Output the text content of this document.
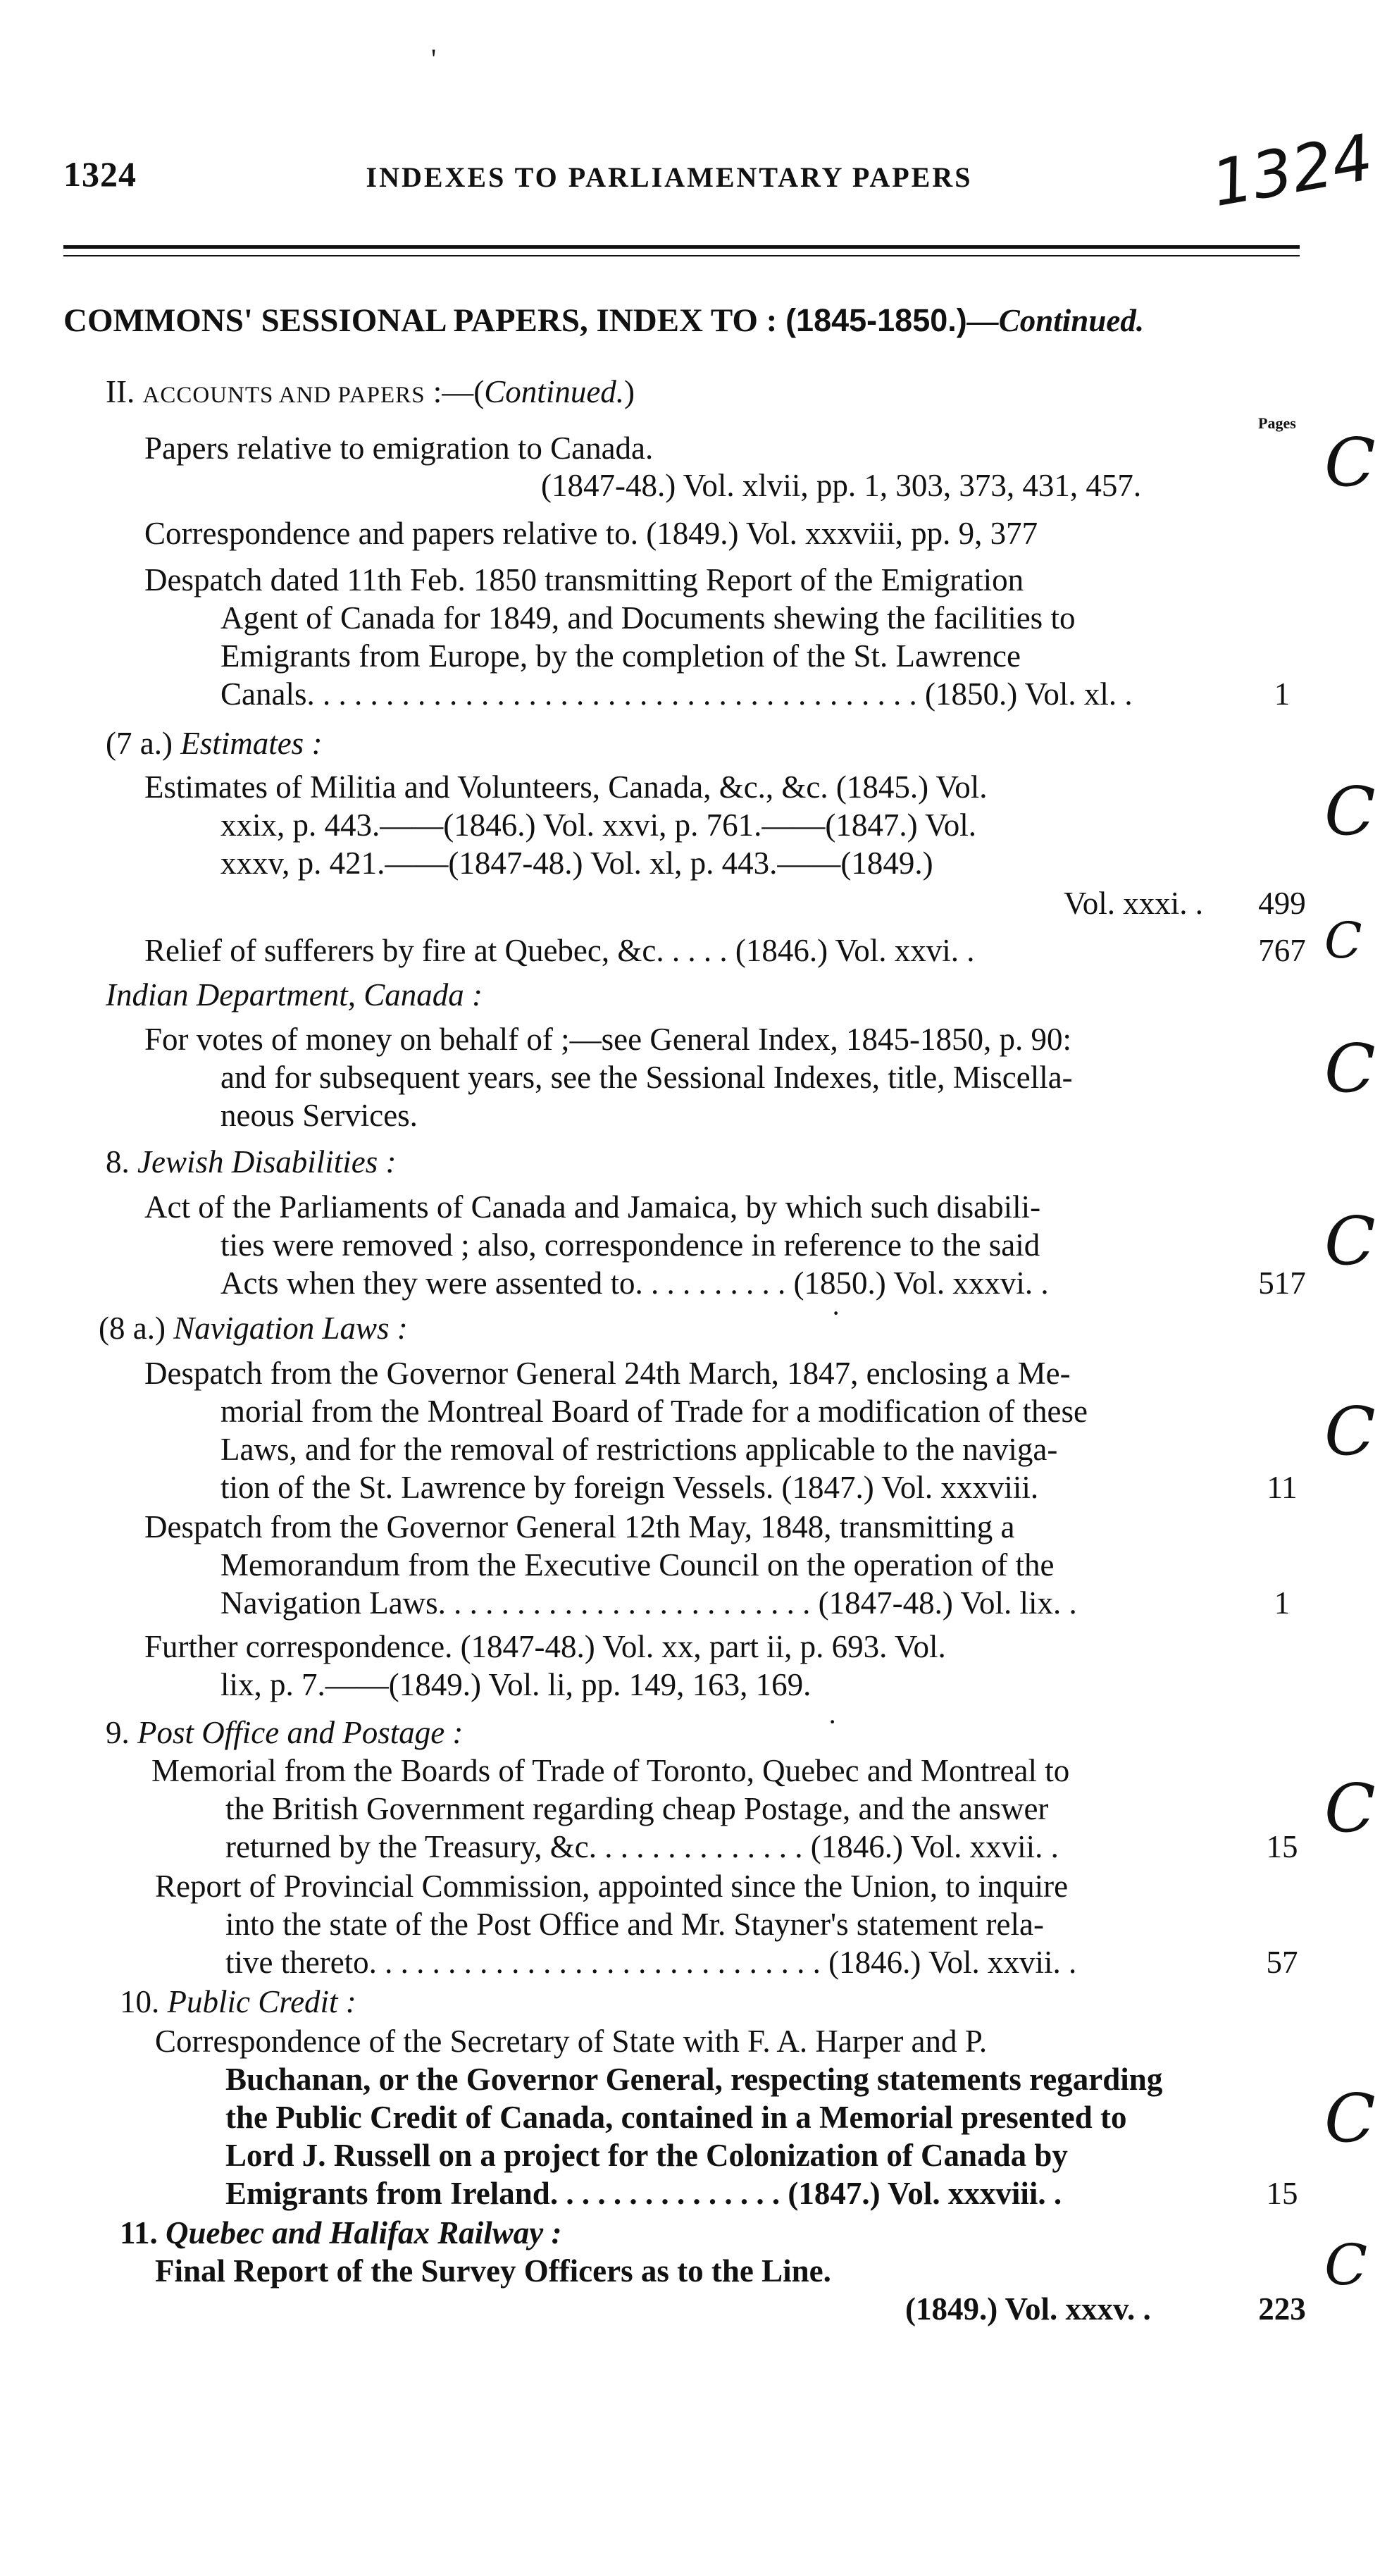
'
1324	INDEXES TO PARLIAMENTARY PAPERS	1324
COMMONS' SESSIONAL PAPERS, INDEX TO : (1845-1850.)—Continued.
II. ACCOUNTS AND PAPERS :—(Continued.)
Pages
Papers relative to emigration to Canada.
(1847-48.) Vol. xlvii, pp. 1, 303, 373, 431, 457.
Correspondence and papers relative to. (1849.) Vol. xxxviii, pp. 9, 377
Despatch dated 11th Feb. 1850 transmitting Report of the Emigration
Agent of Canada for 1849, and Documents shewing the facilities to
Emigrants from Europe, by the completion of the St. Lawrence
Canals. . . . . . . . . . . . . . . . . . . . . . . . . . . . . . . . . . . . . . . (1850.) Vol. xl. .	1
(7 a.) Estimates :
Estimates of Militia and Volunteers, Canada, &c., &c. (1845.) Vol.
xxix, p. 443.——(1846.) Vol. xxvi, p. 761.——(1847.) Vol.
xxxv, p. 421.——(1847-48.) Vol. xl, p. 443.——(1849.)
Vol. xxxi. .	499
Relief of sufferers by fire at Quebec, &c. . . . . (1846.) Vol. xxvi. .	767
Indian Department, Canada :
For votes of money on behalf of ;—see General Index, 1845-1850, p. 90:
and for subsequent years, see the Sessional Indexes, title, Miscella-
neous Services.
8. Jewish Disabilities :
Act of the Parliaments of Canada and Jamaica, by which such disabili-
ties were removed ; also, correspondence in reference to the said
Acts when they were assented to. . . . . . . . . . (1850.) Vol. xxxvi. .	517
(8 a.) Navigation Laws :
Despatch from the Governor General 24th March, 1847, enclosing a Me-
morial from the Montreal Board of Trade for a modification of these
Laws, and for the removal of restrictions applicable to the naviga-
tion of the St. Lawrence by foreign Vessels. (1847.) Vol. xxxviii.	11
Despatch from the Governor General 12th May, 1848, transmitting a
Memorandum from the Executive Council on the operation of the
Navigation Laws. . . . . . . . . . . . . . . . . . . . . . . . (1847-48.) Vol. lix. .	1
Further correspondence. (1847-48.) Vol. xx, part ii, p. 693. Vol.
lix, p. 7.——(1849.) Vol. li, pp. 149, 163, 169.
9. Post Office and Postage :
Memorial from the Boards of Trade of Toronto, Quebec and Montreal to
the British Government regarding cheap Postage, and the answer
returned by the Treasury, &c. . . . . . . . . . . . . . (1846.) Vol. xxvii. .	15
Report of Provincial Commission, appointed since the Union, to inquire
into the state of the Post Office and Mr. Stayner's statement rela-
tive thereto. . . . . . . . . . . . . . . . . . . . . . . . . . . . . (1846.) Vol. xxvii. .	57
10. Public Credit :
Correspondence of the Secretary of State with F. A. Harper and P.
Buchanan, or the Governor General, respecting statements regarding
the Public Credit of Canada, contained in a Memorial presented to
Lord J. Russell on a project for the Colonization of Canada by
Emigrants from Ireland. . . . . . . . . . . . . . . (1847.) Vol. xxxviii. .	15
11. Quebec and Halifax Railway :
Final Report of the Survey Officers as to the Line.
(1849.) Vol. xxxv. .	223
C
C
C
C
C
C
C
C
C
·
·
